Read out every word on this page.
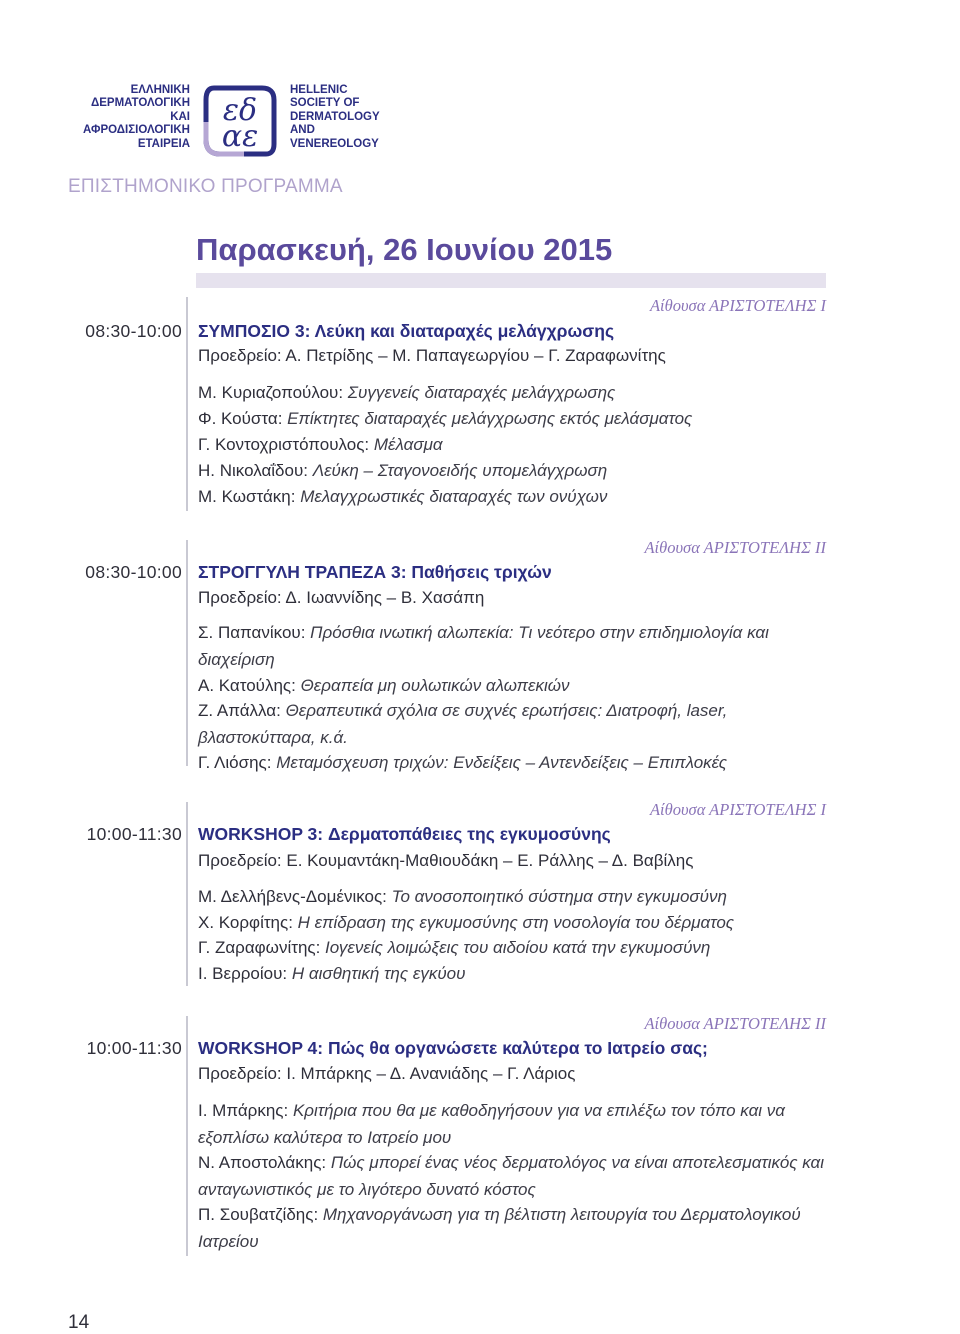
ΕΛΛΗΝΙΚΗ
ΔΕΡΜΑΤΟΛΟΓΙΚΗ
ΚΑΙ
ΑΦΡΟΔΙΣΙΟΛΟΓΙΚΗ
ΕΤΑΙΡΕΙΑ
εδ
αε
HELLENIC
SOCIETY OF
DERMATOLOGY
AND
VENEREOLOGY
ΕΠΙΣΤΗΜΟΝΙΚΟ ΠΡΟΓΡΑΜΜΑ
Παρασκευή, 26 Ιουνίου 2015
Αίθουσα ΑΡΙΣΤΟΤΕΛΗΣ Ι
08:30-10:00 ΣΥΜΠΟΣΙΟ 3: Λεύκη και διαταραχές μελάγχρωσης
Προεδρείο: Α. Πετρίδης – Μ. Παπαγεωργίου – Γ. Ζαραφωνίτης
Μ. Κυριαζοπούλου: Συγγενείς διαταραχές μελάγχρωσης
Φ. Κούστα: Επίκτητες διαταραχές μελάγχρωσης εκτός μελάσματος
Γ. Κοντοχριστόπουλος: Μέλασμα
Η. Νικολαΐδου: Λεύκη – Σταγονοειδής υπομελάγχρωση
Μ. Κωστάκη: Μελαγχρωστικές διαταραχές των ονύχων
Αίθουσα ΑΡΙΣΤΟΤΕΛΗΣ ΙΙ
08:30-10:00 ΣΤΡΟΓΓΥΛΗ ΤΡΑΠΕΖΑ 3: Παθήσεις τριχών
Προεδρείο: Δ. Ιωαννίδης – Β. Χασάπη
Σ. Παπανίκου: Πρόσθια ινωτική αλωπεκία: Τι νεότερο στην επιδημιολογία και διαχείριση
Α. Κατούλης: Θεραπεία μη ουλωτικών αλωπεκιών
Ζ. Απάλλα: Θεραπευτικά σχόλια σε συχνές ερωτήσεις: Διατροφή, laser, βλαστοκύτταρα, κ.ά.
Γ. Λιόσης: Μεταμόσχευση τριχών: Ενδείξεις – Αντενδείξεις – Επιπλοκές
Αίθουσα ΑΡΙΣΤΟΤΕΛΗΣ Ι
10:00-11:30 WORKSHOP 3: Δερματοπάθειες της εγκυμοσύνης
Προεδρείο: Ε. Κουμαντάκη-Μαθιουδάκη – Ε. Ράλλης – Δ. Βαβίλης
Μ. Δελλήβενς-Δομένικος: Το ανοσοποιητικό σύστημα στην εγκυμοσύνη
Χ. Κορφίτης: Η επίδραση της εγκυμοσύνης στη νοσολογία του δέρματος
Γ. Ζαραφωνίτης: Ιογενείς λοιμώξεις του αιδοίου κατά την εγκυμοσύνη
Ι. Βερροίου: Η αισθητική της εγκύου
Αίθουσα ΑΡΙΣΤΟΤΕΛΗΣ ΙΙ
10:00-11:30 WORKSHOP 4: Πώς θα οργανώσετε καλύτερα το Ιατρείο σας;
Προεδρείο: Ι. Μπάρκης – Δ. Ανανιάδης – Γ. Λάριος
Ι. Μπάρκης: Κριτήρια που θα με καθοδηγήσουν για να επιλέξω τον τόπο και να εξοπλίσω καλύτερα το Ιατρείο μου
Ν. Αποστολάκης: Πώς μπορεί ένας νέος δερματολόγος να είναι αποτελεσματικός και ανταγωνιστικός με το λιγότερο δυνατό κόστος
Π. Σουβατζίδης: Μηχανοργάνωση για τη βέλτιστη λειτουργία του Δερματολογικού Ιατρείου
14
